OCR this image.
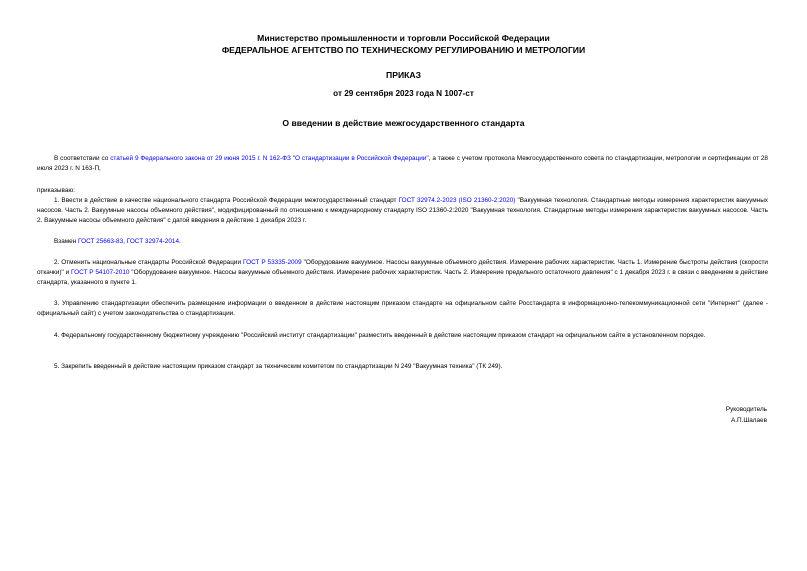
Министерство промышленности и торговли Российской Федерации
ФЕДЕРАЛЬНОЕ АГЕНТСТВО ПО ТЕХНИЧЕСКОМУ РЕГУЛИРОВАНИЮ И МЕТРОЛОГИИ
ПРИКАЗ
от 29 сентября 2023 года N 1007-ст
О введении в действие межгосударственного стандарта

В соответствии со статьей 9 Федерального закона от 29 июня 2015 г. N 162-ФЗ "О стандартизации в Российской Федерации", а также с учетом протокола Межгосударственного совета по стандартизации, метрологии и сертификации от 28 июля 2023 г. N 163-П,

приказываю:

1. Ввести в действие в качестве национального стандарта Российской Федерации межгосударственный стандарт ГОСТ 32974.2-2023 (ISO 21360-2:2020) "Вакуумная технология. Стандартные методы измерения характеристик вакуумных насосов. Часть 2. Вакуумные насосы объемного действия", модифицированный по отношению к международному стандарту ISO 21360-2:2020 "Вакуумная технология. Стандартные методы измерения характеристик вакуумных насосов. Часть 2. Вакуумные насосы объемного действия" с датой введения в действие 1 декабря 2023 г.

Взамен ГОСТ 25663-83, ГОСТ 32974-2014.

2. Отменить национальные стандарты Российской Федерации ГОСТ Р 53335-2009 "Оборудование вакуумное. Насосы вакуумные объемного действия. Измерение рабочих характеристик. Часть 1. Измерение быстроты действия (скорости откачки)" и ГОСТ Р 54107-2010 "Оборудование вакуумное. Насосы вакуумные объемного действия. Измерение рабочих характеристик. Часть 2. Измерение предельного остаточного давления" с 1 декабря 2023 г. в связи с введением в действие стандарта, указанного в пункте 1.

3. Управлению стандартизации обеспечить размещение информации о введенном в действие настоящим приказом стандарте на официальном сайте Росстандарта в информационно-телекоммуникационной сети "Интернет" (далее - официальный сайт) с учетом законодательства о стандартизации.

4. Федеральному государственному бюджетному учреждению "Российский институт стандартизации" разместить введенный в действие настоящим приказом стандарт на официальном сайте в установленном порядке.

5. Закрепить введенный в действие настоящим приказом стандарт за техническим комитетом по стандартизации N 249 "Вакуумная техника" (ТК 249).

Руководитель
А.П.Шалаев
